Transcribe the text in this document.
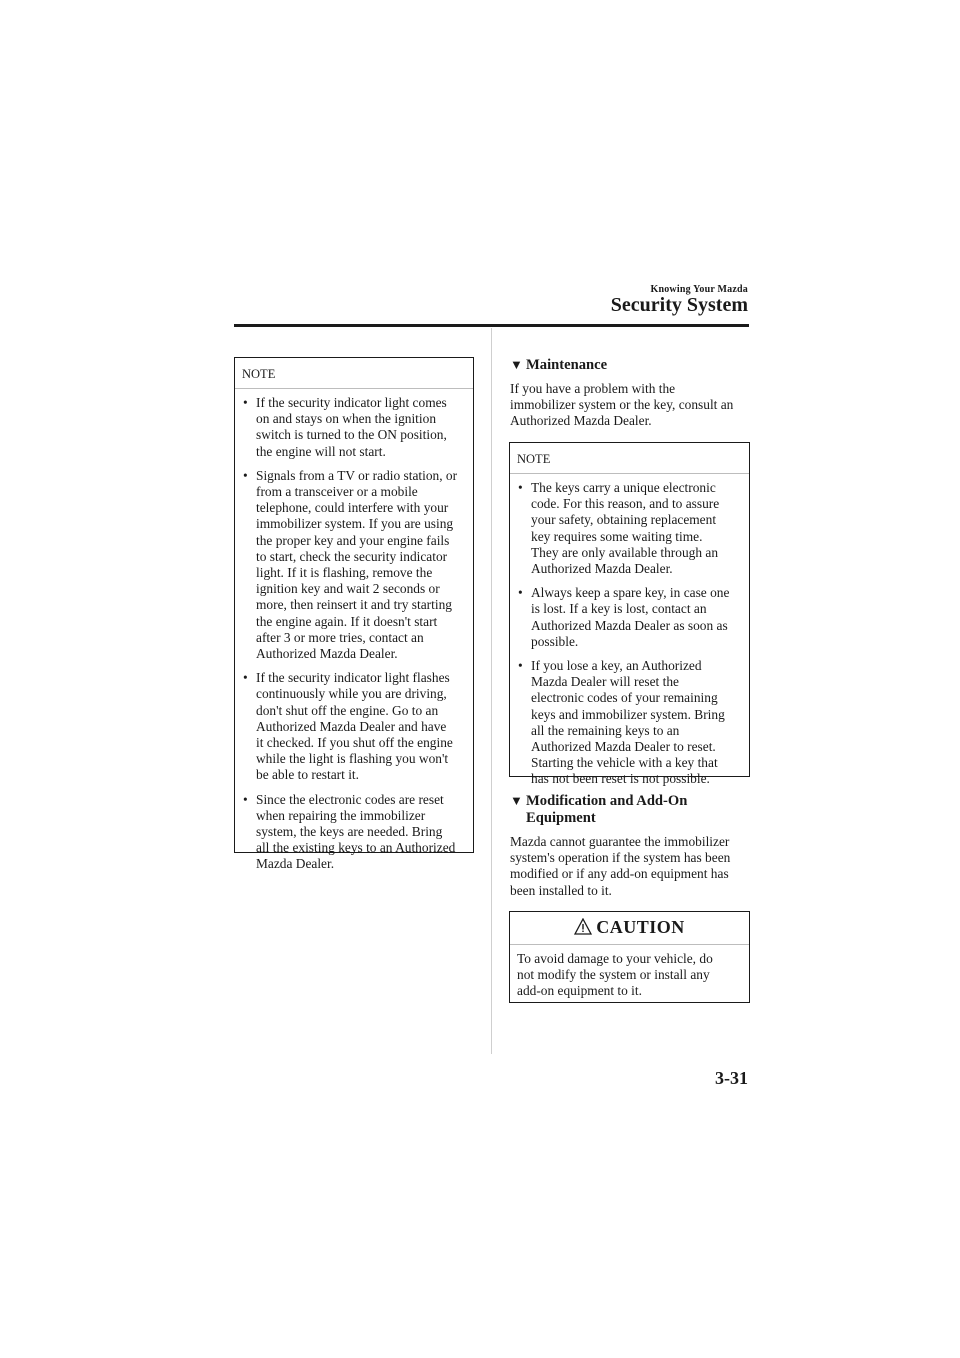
Knowing Your Mazda
Security System
NOTE
• If the security indicator light comes
on and stays on when the ignition
switch is turned to the ON position,
the engine will not start.
• Signals from a TV or radio station, or
from a transceiver or a mobile
telephone, could interfere with your
immobilizer system. If you are using
the proper key and your engine fails
to start, check the security indicator
light. If it is flashing, remove the
ignition key and wait 2 seconds or
more, then reinsert it and try starting
the engine again. If it doesn't start
after 3 or more tries, contact an
Authorized Mazda Dealer.
• If the security indicator light flashes
continuously while you are driving,
don't shut off the engine. Go to an
Authorized Mazda Dealer and have
it checked. If you shut off the engine
while the light is flashing you won't
be able to restart it.
• Since the electronic codes are reset
when repairing the immobilizer
system, the keys are needed. Bring
all the existing keys to an Authorized
Mazda Dealer.
▼ Maintenance
If you have a problem with the
immobilizer system or the key, consult an
Authorized Mazda Dealer.
NOTE
• The keys carry a unique electronic
code. For this reason, and to assure
your safety, obtaining replacement
key requires some waiting time.
They are only available through an
Authorized Mazda Dealer.
• Always keep a spare key, in case one
is lost. If a key is lost, contact an
Authorized Mazda Dealer as soon as
possible.
• If you lose a key, an Authorized
Mazda Dealer will reset the
electronic codes of your remaining
keys and immobilizer system. Bring
all the remaining keys to an
Authorized Mazda Dealer to reset.
Starting the vehicle with a key that
has not been reset is not possible.
▼ Modification and Add-On
Equipment
Mazda cannot guarantee the immobilizer
system's operation if the system has been
modified or if any add-on equipment has
been installed to it.
CAUTION
To avoid damage to your vehicle, do
not modify the system or install any
add-on equipment to it.
3-31
